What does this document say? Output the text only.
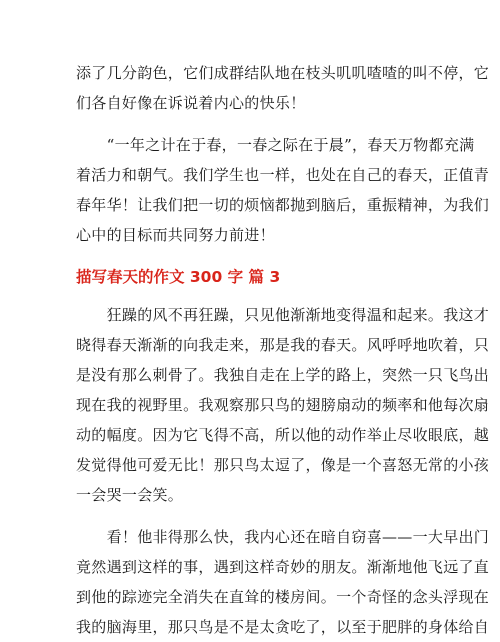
添了几分韵色，它们成群结队地在枝头叽叽喳喳的叫不停，它
们各自好像在诉说着内心的快乐！
　　“一年之计在于春，一春之际在于晨”，春天万物都充满
着活力和朝气。我们学生也一样，也处在自己的春天，正值青
春年华！让我们把一切的烦恼都抛到脑后，重振精神，为我们
心中的目标而共同努力前进！
描写春天的作文 300 字 篇 3
　　狂躁的风不再狂躁，只见他渐渐地变得温和起来。我这才
晓得春天渐渐的向我走来，那是我的春天。风呼呼地吹着，只
是没有那么刺骨了。我独自走在上学的路上，突然一只飞鸟出
现在我的视野里。我观察那只鸟的翅膀扇动的频率和他每次扇
动的幅度。因为它飞得不高，所以他的动作举止尽收眼底，越
发觉得他可爱无比！那只鸟太逗了，像是一个喜怒无常的小孩
一会哭一会笑。
　　看！他非得那么快，我内心还在暗自窃喜——一大早出门
竟然遇到这样的事，遇到这样奇妙的朋友。渐渐地他飞远了直
到他的踪迹完全消失在直耸的楼房间。一个奇怪的念头浮现在
我的脑海里，那只鸟是不是太贪吃了，以至于肥胖的身体给自
